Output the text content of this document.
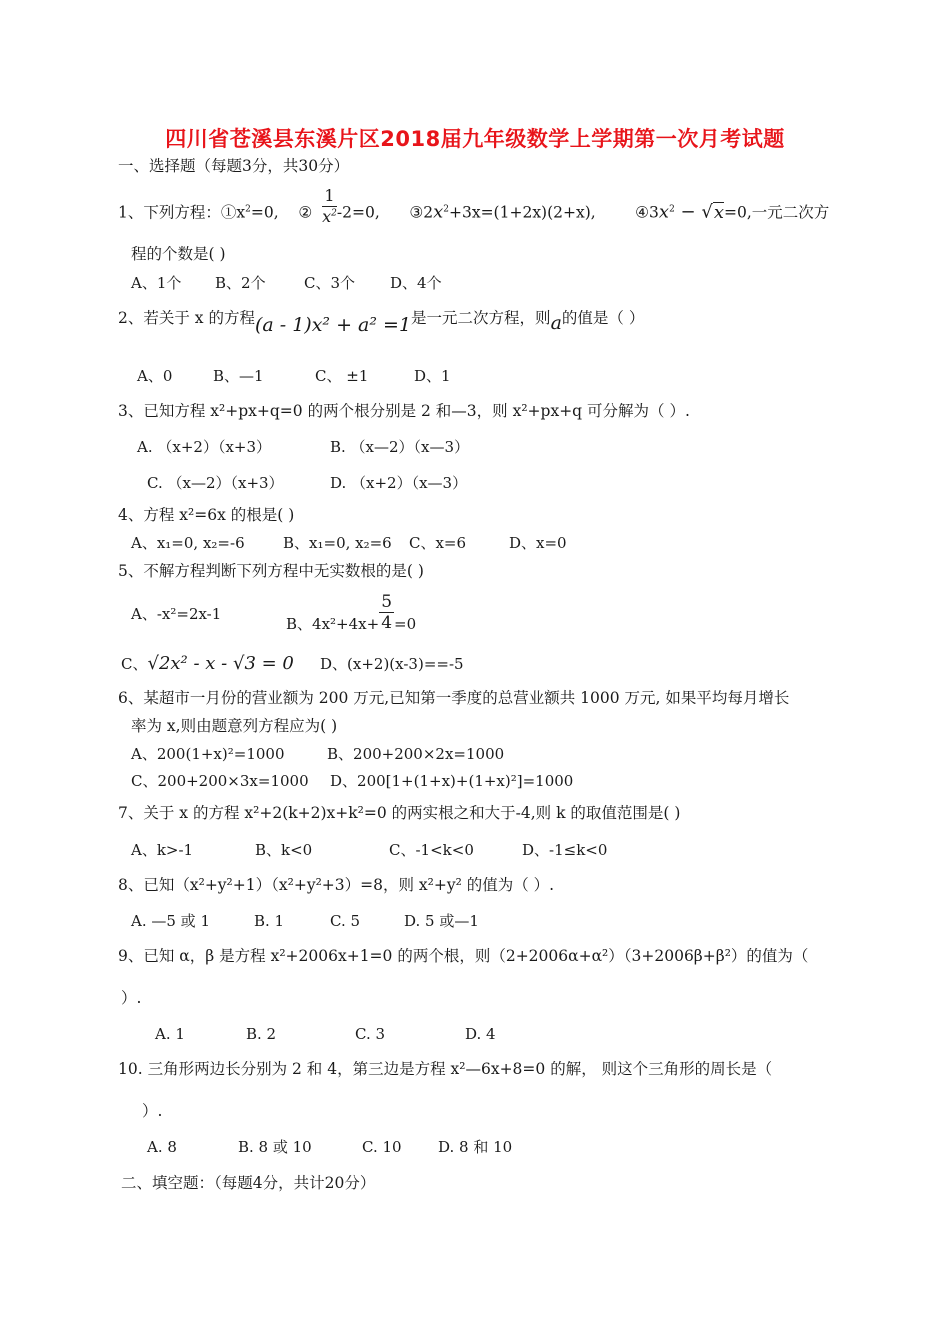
四川省苍溪县东溪片区2018届九年级数学上学期第一次月考试题
一、选择题（每题3分，共30分）
1、下列方程：$①x^2=0$, ② $\frac{1}{x^2} -2=0$, $③2x^2+3x=(1+2x)(2+x)$,	$④3x^2 - √x=0$,一元二次方
程的个数是( )
A、1个 B、2个	C、3个 D、4个
2、若关于 x 的方程(a - 1)x² + a² =1是一元二次方程，则a的值是（ ）
A、0	B、—1	C、 ±1	D、1
3、已知方程 x²+px+q=0 的两个根分别是 2 和—3，则 x²+px+q 可分解为（ ）.
A. （x+2）（x+3）	B. （x—2）（x—3）
C. （x—2）（x+3）	D. （x+2）（x—3）
4、方程 x²=6x 的根是( )
A、x₁=0, x₂=-6	B、x₁=0, x₂=6 C、x=6	D、x=0
5、不解方程判断下列方程中无实数根的是( )
A、-x²=2x-1
B、$4x^2+4x+ \frac{5}{4} =0$
C、√2x² - x - √3 = 0 D、(x+2)(x-3)==-5
6、某超市一月份的营业额为 200 万元,已知第一季度的总营业额共 1000 万元, 如果平均每月增长
率为 x,则由题意列方程应为( )
A、200(1+x)²=1000	B、200+200×2x=1000
C、200+200×3x=1000 D、200[1+(1+x)+(1+x)²]=1000
7、关于 x 的方程 x²+2(k+2)x+k²=0 的两实根之和大于-4,则 k 的取值范围是( )
A、k>-1	B、k<0	C、-1<k<0	D、-1≤k<0
8、已知（x²+y²+1）（x²+y²+3）=8，则 x²+y² 的值为（ ）.
A. —5 或 1	B. 1	C. 5	D. 5 或—1
9、已知 α，β 是方程 x²+2006x+1=0 的两个根，则（2+2006α+α²）（3+2006β+β²）的值为（
）.
A. 1	B. 2	C. 3	D. 4
10. 三角形两边长分别为 2 和 4，第三边是方程 x²—6x+8=0 的解， 则这个三角形的周长是（
）.
A. 8	B. 8 或 10	C. 10 D. 8 和 10
二、填空题：（每题4分，共计20分）
